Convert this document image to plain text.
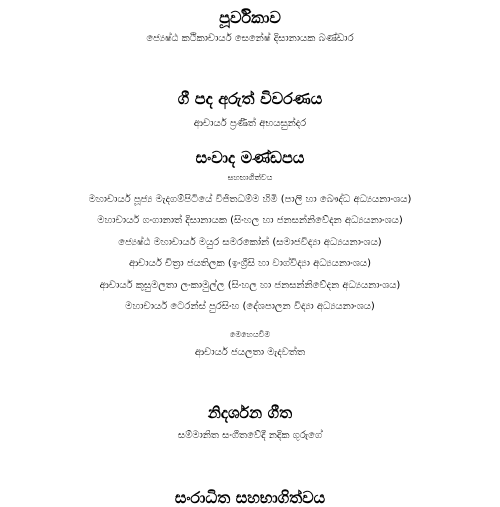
පූර්විකාව
ජ්‍යෙෂ්ඨ කථිකාචාර්ය සෙනේෂ් දිසානායක බණ්ඩාර
ගී පද අරුත් විවරණය
ආචාර්ය ප්‍රණීත් අභයසුන්දර
සංවාද මණ්ඩපය
සහභාගිත්වය
මහාචාර්ය පූජ්‍ය මැදගම්පිටියේ විජිතධම්ම හිමි (පාලි හා බෞද්ධ අධ්‍යයනාංශය)
මහාචාර්ය ගංගානාත් දිසානායක (සිංහල හා ජනසන්නිවේදන අධ්‍යයනාංශය)
ජ්‍යෙෂ්ඨ මහාචාර්ය මයුර සමරකෝන් (සමාජවිද්‍යා අධ්‍යයනාංශය)
ආචාර්ය චිත්‍රා ජයතිලක (ඉංග්‍රීසි හා වාග්විද්‍යා අධ්‍යයනාංශය)
ආචාර්ය කුසුමලතා ලංකාමුල්ල (සිංහල හා ජනසන්නිවේදන අධ්‍යයනාංශය)
මහාචාර්ය ටෙරන්ස් පුරසිංහ (දේශපාලන විද්‍යා අධ්‍යයනාංශය)
මෙහෙයවීම
ආචාර්ය ජයලතා මැදවත්ත
නිදර්ශන ගීත
සම්මානිත සංගීතවේදී නදික ගුරුගේ
සංරාධිත සහභාගිත්වය
